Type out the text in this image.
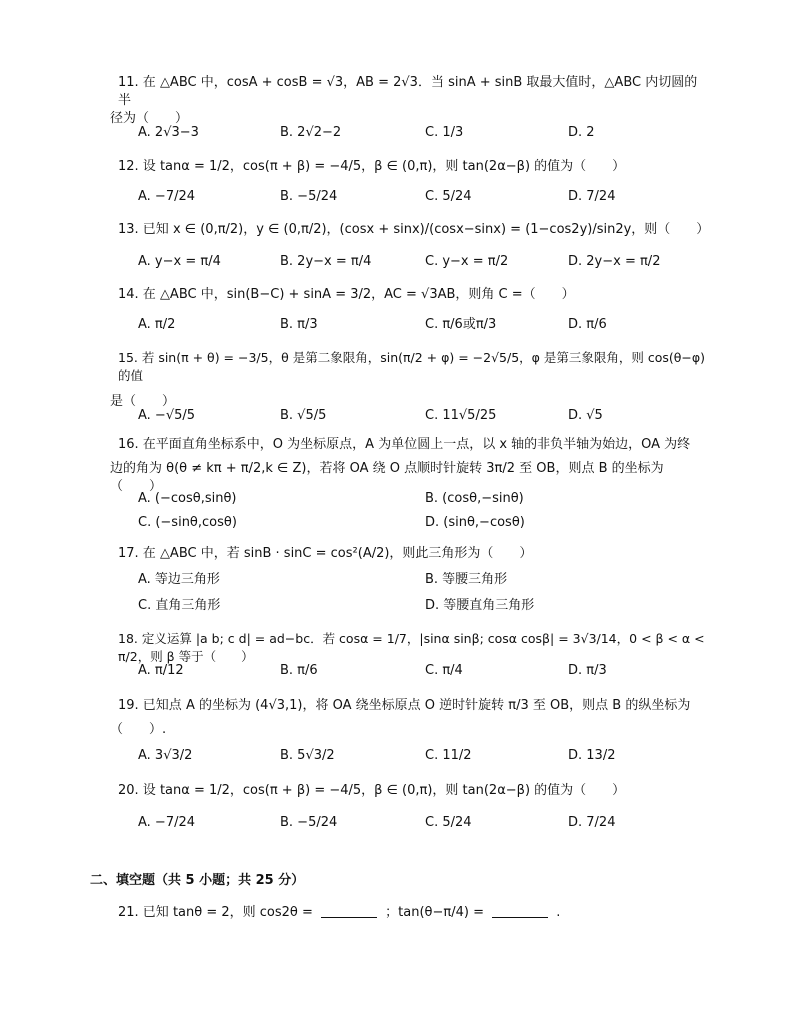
11. 在 △ABC 中，cosA + cosB = √3，AB = 2√3．当 sinA + sinB 取最大值时，△ABC 内切圆的半
径为（　　）
A. 2√3−3	B. 2√2−2	C. 1/3	D. 2
12. 设 tanα = 1/2，cos(π + β) = −4/5，β ∈ (0,π)，则 tan(2α−β) 的值为（　　）
A. −7/24	B. −5/24	C. 5/24	D. 7/24
13. 已知 x ∈ (0,π/2)，y ∈ (0,π/2)，(cosx + sinx)/(cosx−sinx) = (1−cos2y)/sin2y，则（　　）
A. y−x = π/4	B. 2y−x = π/4	C. y−x = π/2	D. 2y−x = π/2
14. 在 △ABC 中，sin(B−C) + sinA = 3/2，AC = √3AB，则角 C =（　　）
A. π/2	B. π/3	C. π/6或π/3	D. π/6
15. 若 sin(π + θ) = −3/5，θ 是第二象限角，sin(π/2 + φ) = −2√5/5，φ 是第三象限角，则 cos(θ−φ) 的值
是（　　）
A. −√5/5	B. √5/5	C. 11√5/25	D. √5
16. 在平面直角坐标系中，O 为坐标原点，A 为单位圆上一点，以 x 轴的非负半轴为始边，OA 为终
边的角为 θ(θ ≠ kπ + π/2,k ∈ Z)，若将 OA 绕 O 点顺时针旋转 3π/2 至 OB，则点 B 的坐标为（　　）
A. (−cosθ,sinθ)	B. (cosθ,−sinθ)
C. (−sinθ,cosθ)	D. (sinθ,−cosθ)
17. 在 △ABC 中，若 sinB · sinC = cos²(A/2)，则此三角形为（　　）
A. 等边三角形	B. 等腰三角形
C. 直角三角形	D. 等腰直角三角形
18. 定义运算 |a b; c d| = ad−bc．若 cosα = 1/7，|sinα sinβ; cosα cosβ| = 3√3/14，0 < β < α < π/2，则 β 等于（　　）
A. π/12	B. π/6	C. π/4	D. π/3
19. 已知点 A 的坐标为 (4√3,1)，将 OA 绕坐标原点 O 逆时针旋转 π/3 至 OB，则点 B 的纵坐标为
（　　）.
A. 3√3/2	B. 5√3/2	C. 11/2	D. 13/2
20. 设 tanα = 1/2，cos(π + β) = −4/5，β ∈ (0,π)，则 tan(2α−β) 的值为（　　）
A. −7/24	B. −5/24	C. 5/24	D. 7/24
二、填空题（共 5 小题；共 25 分）
21. 已知 tanθ = 2，则 cos2θ =	；tan(θ−π/4) =	.
